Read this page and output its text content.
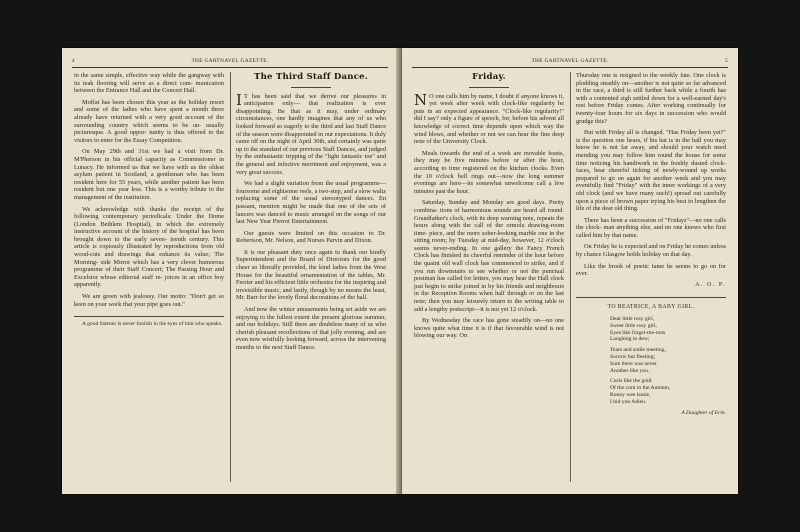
4	THE GARTNAVEL GAZETTE.

in the same simple, effective way while the gangway with its teak flooring will serve as a direct com- munication between the Entrance Hall and the Concert Hall.

Moffat has been chosen this year as the holiday resort and some of the ladies who have spent a month there already have returned with a very good account of the surrounding country which seems to be un- usually picturesque. A good oppor- tunity is thus offered to the visitors to enter for the Essay Competition.

On May 29th and 31st we had a visit from Dr. M'Pherson in his official capacity as Commissioner in Lunacy. He informed us that we have with us the oldest asylum patient in Scotland, a gentleman who has been resident here for 55 years, while another patient has been resident but one year less. This is a worthy tribute to the management of the institution.

We acknowledge with thanks the receipt of the following contemporary periodicals: Under the Dome (London Bethlem Hospital), in which the extremely instructive account of the history of the hospital has been brought down to the early seven- teenth century. This article is copiously illustrated by reproductions from old wood-cuts and drawings that enhance its value; The Morning- side Mirror which has a very clever humorous programme of their Staff Concert; The Passing Hour and Excelsior whose editorial staff re- joices in an office boy apparently.

We are green with jealousy. Our motto: "Don't get so keen on your work that your pipe goes out."

A good listener is never foolish in the eyes of him who speaks.

The Third Staff Dance.

I T has been said that we derive our pleasures in anticipation only— that realization is ever disappointing. Be that as it may, under ordinary circumstances, one hardly imagines that any of us who looked forward so eagerly to the third and last Staff Dance of the season were disappointed in our expectations. It duly came off on the night of April 30th, and certainly was quite up to the standard of our previous Staff Dances, and judged by the enthusiastic tripping of the "light fantastic toe" and the general and infective merriment and enjoyment, was a very great success.

We had a slight variation from the usual programme—foursome and eightsome reels, a two-step, and a slow waltz replacing some of the usual stereotyped dances. En passant, mention might be made that one of the sets of lancers was danced to music arranged on the songs of our last New Year Pierrot Entertainment.

Our guests were limited on this occasion to Dr. Robertson, Mr. Nelson, and Nurses Parvin and Dixon.

It is our pleasant duty once again to thank our kindly Superintendent and the Board of Directors for the good cheer so liberally provided, the kind ladies from the West House for the beautiful ornamentation of the tables, Mr. Ferrier and his efficient little orchestra for the inspiring and irresistible music, and lastly, though by no means the least, Mr. Barr for the lovely floral decorations of the hall.

And now the winter amusements being set aside we are enjoying to the fullest extent the present glorious summer, and our holidays. Still there are doubtless many of us who cherish pleasant recollections of that jolly evening, and are even now wistfully looking forward, across the intervening months to the next Staff Dance.

THE GARTNAVEL GAZETTE.	5
Friday.

N O one calls him by name, I doubt if anyone knows it, yet week after week with clock-like regularity he puts in an expected appearance. "Clock-like regularity!" did I say? only a figure of speech, for, before his advent all knowledge of correct time depends upon which way the wind blows, and whether or not we can hear the fine deep note of the University Clock.

Meals towards the end of a week are movable feasts, they may be five minutes before or after the hour, according to time registered on the kitchen clocks. Even the 10 o'clock bell rings out—now the long summer evenings are here—its somewhat unwelcome call a few minutes past the hour.

Saturday, Sunday and Monday are good days. Pretty combina- tions of harmonious sounds are heard all round. Grandfather's clock, with its deep warning note, repeats the hours along with the call of the ormolu drawing-room time- piece, and the more sober-looking marble one in the sitting room; by Tuesday at mid-day, however, 12 o'clock seems never-ending. In one gallery the Fancy French Clock has finished its cheerful reminder of the hour before the quaint old wall clock has commenced to strike, and if you run downstairs to see whether or not the punctual postman has called for letters, you may hear the Hall clock just begin to strike joined in by his friends and neighbours in the Reception Rooms when half through or on the last note; then you may leisurely return to the writing table to add a lengthy postscript—it is not yet 12 o'clock.

By Wednesday the race has gone steadily on—no one knows quite what time it is if that favourable wind is not blowing our way. On

Thursday one is resigned to the weekly fate. One clock is plodding steadily on—another is not quite so far advanced in the race, a third is still further back while a fourth has with a contented sigh settled down for a well-earned day's rest before Friday comes. After working continually for twenty-four hours for six days in succession who would grudge this?

But with Friday all is changed. "Has Friday been yet?" is the question one hears, if his hat is in the hall you may know he is not far away, and should your watch need mending you may follow him round the house for some time noticing his handiwork in the freshly dusted clock-faces, hear cheerful ticking of newly-wound up works prepared to go on again for another week and you may eventfully find "Friday" with the inner workings of a very old clock (and we have many such!) spread out carefully upon a piece of brown paper trying his best to lengthen the life of the dear old thing.

There has been a succession of "Fridays"—no one calls the clock- man anything else, and no one knows who first called him by that name.

On Friday he is expected and on Friday he comes unless by chance Glasgow holds holiday on that day.

Like the brook of poetic fame he seems to go on for ever.

A. O. P.
TO BEATRICE, A BABY GIRL.
Dear little rosy girl,
Sweet little rosy girl,
Eyes like forget-me-nots
Laughing in dew;
Tears and smile meeting,
Sorrow but fleeting;
Sure there was never
Another like you.
Curls like the gold
Of the corn in the Autumn,
Bonny wee lassie,
I bid you Adieu.
A Daughter of Erin.
